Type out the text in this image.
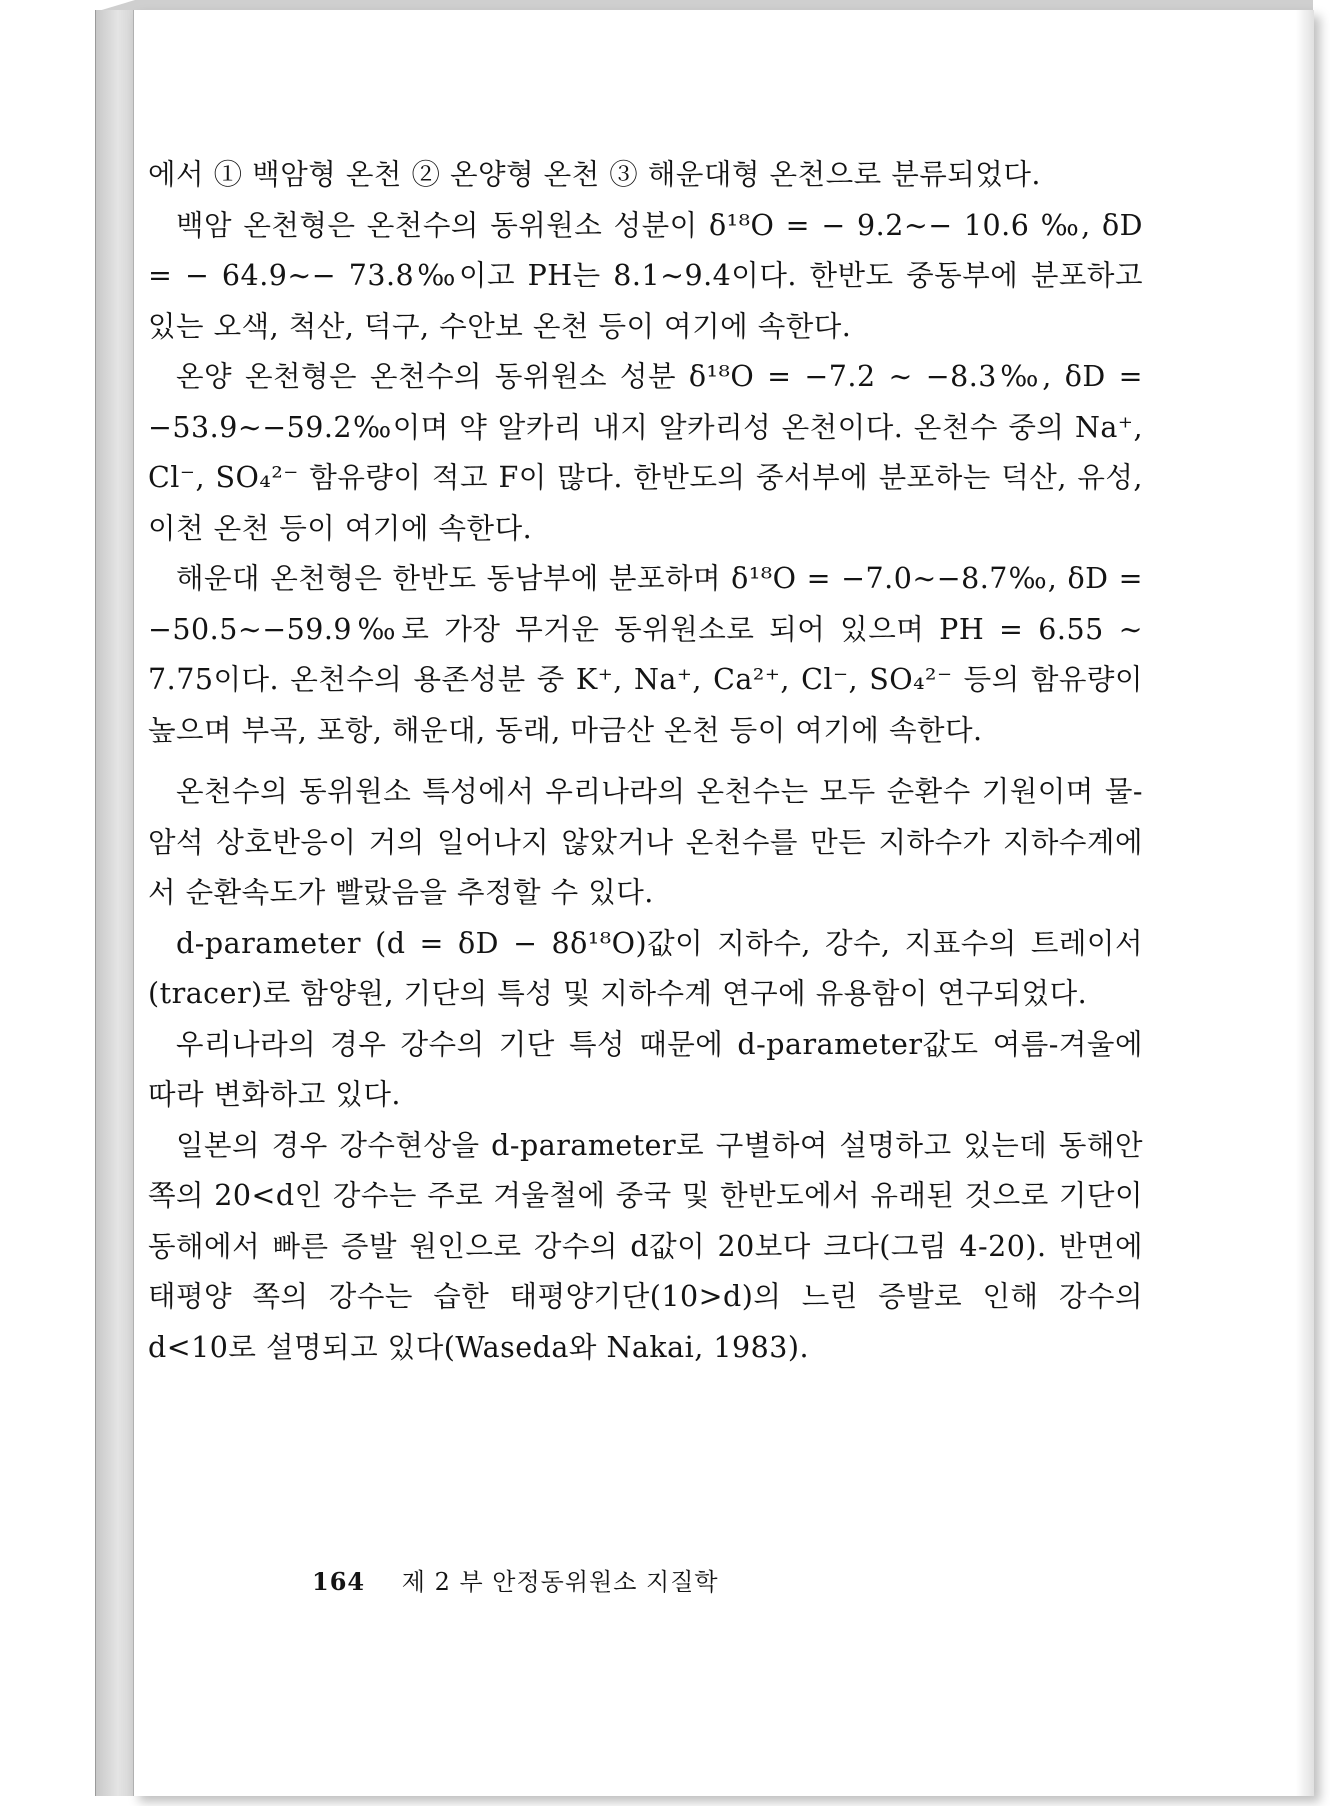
에서 ① 백암형 온천 ② 온양형 온천 ③ 해운대형 온천으로 분류되었다.

백암 온천형은 온천수의 동위원소 성분이 δ¹⁸O = − 9.2∼− 10.6 ‰, δD = − 64.9∼− 73.8‰이고 PH는 8.1∼9.4이다. 한반도 중동부에 분포하고 있는 오색, 척산, 덕구, 수안보 온천 등이 여기에 속한다.

온양 온천형은 온천수의 동위원소 성분 δ¹⁸O = −7.2 ∼ −8.3‰, δD = −53.9∼−59.2‰이며 약 알카리 내지 알카리성 온천이다. 온천수 중의 Na⁺, Cl⁻, SO₄²⁻ 함유량이 적고 F이 많다. 한반도의 중서부에 분포하는 덕산, 유성, 이천 온천 등이 여기에 속한다.

해운대 온천형은 한반도 동남부에 분포하며 δ¹⁸O = −7.0∼−8.7‰, δD = −50.5∼−59.9‰로 가장 무거운 동위원소로 되어 있으며 PH = 6.55 ∼ 7.75이다. 온천수의 용존성분 중 K⁺, Na⁺, Ca²⁺, Cl⁻, SO₄²⁻ 등의 함유량이 높으며 부곡, 포항, 해운대, 동래, 마금산 온천 등이 여기에 속한다.

온천수의 동위원소 특성에서 우리나라의 온천수는 모두 순환수 기원이며 물-암석 상호반응이 거의 일어나지 않았거나 온천수를 만든 지하수가 지하수계에서 순환속도가 빨랐음을 추정할 수 있다.

d-parameter (d = δD − 8δ¹⁸O)값이 지하수, 강수, 지표수의 트레이서(tracer)로 함양원, 기단의 특성 및 지하수계 연구에 유용함이 연구되었다.

우리나라의 경우 강수의 기단 특성 때문에 d-parameter값도 여름-겨울에 따라 변화하고 있다.

일본의 경우 강수현상을 d-parameter로 구별하여 설명하고 있는데 동해안 쪽의 20<d인 강수는 주로 겨울철에 중국 및 한반도에서 유래된 것으로 기단이 동해에서 빠른 증발 원인으로 강수의 d값이 20보다 크다(그림 4-20). 반면에 태평양 쪽의 강수는 습한 태평양기단(10>d)의 느린 증발로 인해 강수의 d<10로 설명되고 있다(Waseda와 Nakai, 1983).

164 제 2 부 안정동위원소 지질학
